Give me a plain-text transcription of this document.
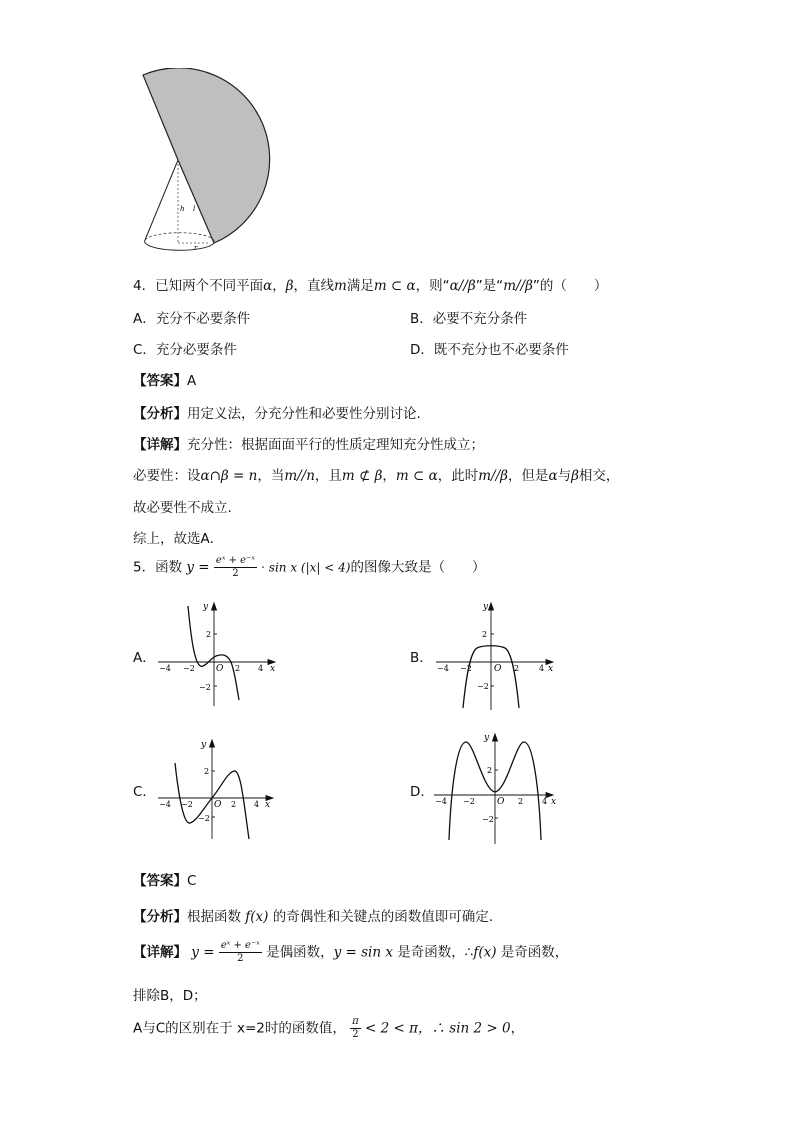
h l
r
4．已知两个不同平面α，β，直线m满足m ⊂ α，则“α//β”是“m//β”的（　　）
A．充分不必要条件	B．必要不充分条件
C．充分必要条件	D．既不充分也不必要条件
【答案】A
【分析】用定义法，分充分性和必要性分别讨论.
【详解】充分性：根据面面平行的性质定理知充分性成立；
必要性：设α∩β = n，当m//n，且m ⊄ β，m ⊂ α，此时m//β，但是α与β相交，
故必要性不成立.
综上，故选A．
5．函数 $y = \frac{\text{eˣ + e⁻ˣ}}{2} \cdot \sin x$ (|x| < 4)的图像大致是（　　）
A．	B．
C．	D．
y
x
O
−4 −2	2 4
2
−2
y
x
O
−4 −2	2 4
2
−2
y
x
O
−4 −2	2 4
2
−2
y
x
O
−4 −2	2 4
2
−2
【答案】C
【分析】根据函数 f(x) 的奇偶性和关键点的函数值即可确定.
【详解】 $y = \frac{\text{eˣ + e⁻ˣ}}{2}$ 是偶函数，y = sin x 是奇函数，∴f(x) 是奇函数，
排除B，D；
A与C的区别在于 x=2时的函数值， $\frac{\pi}{2} < 2 < \pi$，∴ sin 2 > 0，
